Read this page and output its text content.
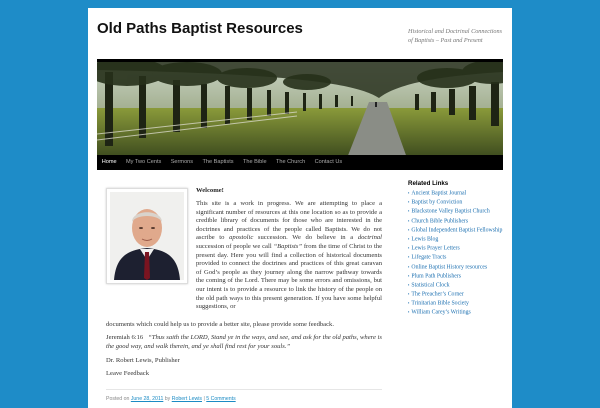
Old Paths Baptist Resources	Historical and Doctrinal Connections of Baptists – Past and Present
Home	My Two Cents	Sermons	The Baptists	The Bible	The Church	Contact Us
Welcome!

This site is a work in progress. We are attempting to place a significant number of resources at this one location so as to provide a credible library of documents for those who are interested in the doctrines and practices of the people called Baptists. We do not ascribe to apostolic succession. We do believe in a doctrinal succession of people we call “Baptists” from the time of Christ to the present day. Here you will find a collection of historical documents provided to connect the doctrines and practices of this great caravan of God’s people as they journey along the narrow pathway towards the coming of the Lord. There may be some errors and omissions, but our intent is to provide a resource to link the history of the people on the old path ways to this present generation. If you have some helpful suggestions, or

documents which could help us to provide a better site, please provide some feedback.

Jeremiah 6:16 “Thus saith the LORD, Stand ye in the ways, and see, and ask for the old paths, where is the good way, and walk therein, and ye shall find rest for your souls.”

Dr. Robert Lewis, Publisher
Leave Feedback
Posted on June 28, 2011 by Robert Lewis | 5 Comments
Related Links
▪ Ancient Baptist Journal
▪ Baptist by Conviction
▪ Blackstone Valley Baptist Church
▪ Church Bible Publishers
▪ Global Independent Baptist Fellowship
▪ Lewis Blog
▪ Lewis Prayer Letters
▪ Lifegate Tracts
▪ Online Baptist History resources
▪ Plum Path Publishers
▪ Statistical Clock
▪ The Preacher’s Corner
▪ Trinitarian Bible Society
▪ William Carey’s Writings
